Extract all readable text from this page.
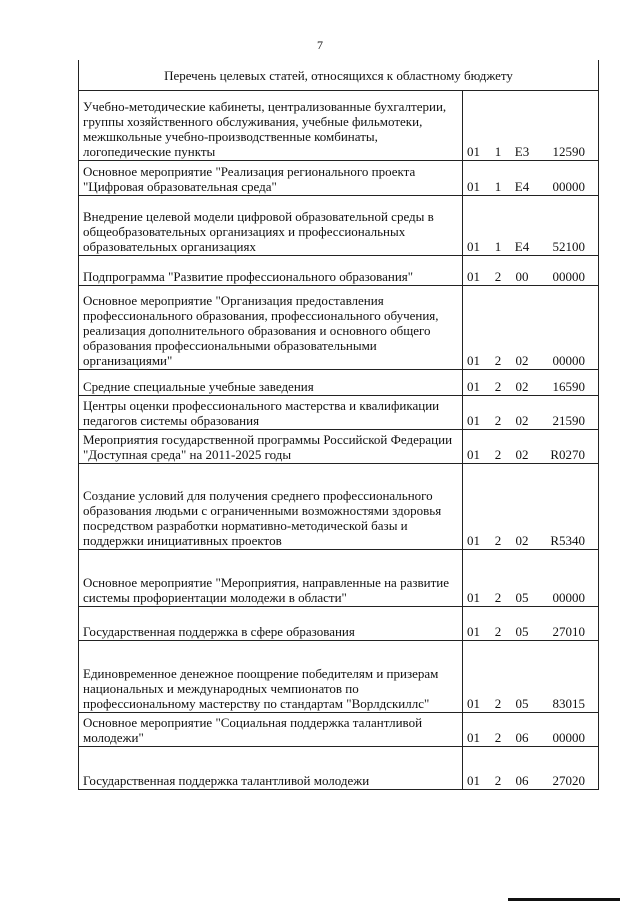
7
Перечень целевых статей, относящихся к областному бюджету	
Учебно-методические кабинеты, централизованные бухгалтерии, группы хозяйственного обслуживания, учебные фильмотеки, межшкольные учебно-производственные комбинаты, логопедические пункты	01 1 E3 12590
Основное мероприятие "Реализация регионального проекта "Цифровая образовательная среда"	01 1 E4 00000
Внедрение целевой модели цифровой образовательной среды в общеобразовательных организациях и профессиональных образовательных организациях	01 1 E4 52100
Подпрограмма "Развитие профессионального образования"	01 2 00 00000
Основное мероприятие "Организация предоставления профессионального образования, профессионального обучения, реализация дополнительного образования и основного общего образования профессиональными образовательными организациями"	01 2 02 00000
Средние специальные учебные заведения	01 2 02 16590
Центры оценки профессионального мастерства и квалификации педагогов системы образования	01 2 02 21590
Мероприятия государственной программы Российской Федерации "Доступная среда" на 2011-2025 годы	01 2 02 R0270
Создание условий для получения среднего профессионального образования людьми с ограниченными возможностями здоровья посредством разработки нормативно-методической базы и поддержки инициативных проектов	01 2 02 R5340
Основное мероприятие "Мероприятия, направленные на развитие системы профориентации молодежи в области"	01 2 05 00000
Государственная поддержка в сфере образования	01 2 05 27010
Единовременное денежное поощрение победителям и призерам национальных и международных чемпионатов по профессиональному мастерству по стандартам "Ворлдскиллс"	01 2 05 83015
Основное мероприятие "Социальная поддержка талантливой молодежи"	01 2 06 00000
Государственная поддержка талантливой молодежи	01 2 06 27020
